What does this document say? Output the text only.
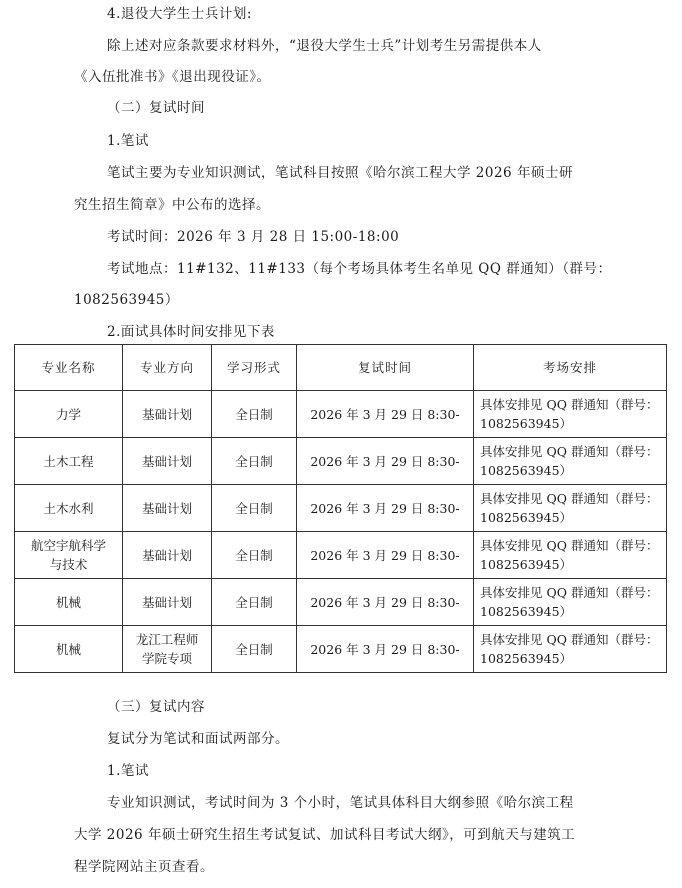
4.退役大学生士兵计划:
除上述对应条款要求材料外，“退役大学生士兵”计划考生另需提供本人
《入伍批准书》《退出现役证》。
（二）复试时间
1.笔试
笔试主要为专业知识测试，笔试科目按照《哈尔滨工程大学 2026 年硕士研
究生招生简章》中公布的选择。
考试时间：2026 年 3 月 28 日 15:00-18:00
考试地点：11#132、11#133（每个考场具体考生名单见 QQ 群通知）（群号：
1082563945）
2.面试具体时间安排见下表
专业名称	专业方向	学习形式	复试时间	考场安排
力学	基础计划	全日制	2026 年 3 月 29 日 8:30-	具体安排见 QQ 群通知（群号：
1082563945）

土木工程	基础计划	全日制	2026 年 3 月 29 日 8:30-	具体安排见 QQ 群通知（群号：
1082563945）

土木水利	基础计划	全日制	2026 年 3 月 29 日 8:30-	具体安排见 QQ 群通知（群号：
1082563945）

航空宇航科学
与技术	基础计划	全日制	2026 年 3 月 29 日 8:30-	具体安排见 QQ 群通知（群号：
1082563945）

机械	基础计划	全日制	2026 年 3 月 29 日 8:30-	具体安排见 QQ 群通知（群号：
1082563945）

机械	龙江工程师
学院专项	全日制	2026 年 3 月 29 日 8:30-	具体安排见 QQ 群通知（群号：
1082563945）
（三）复试内容
复试分为笔试和面试两部分。
1.笔试
专业知识测试，考试时间为 3 个小时，笔试具体科目大纲参照《哈尔滨工程
大学 2026 年硕士研究生招生考试复试、加试科目考试大纲》，可到航天与建筑工
程学院网站主页查看。
